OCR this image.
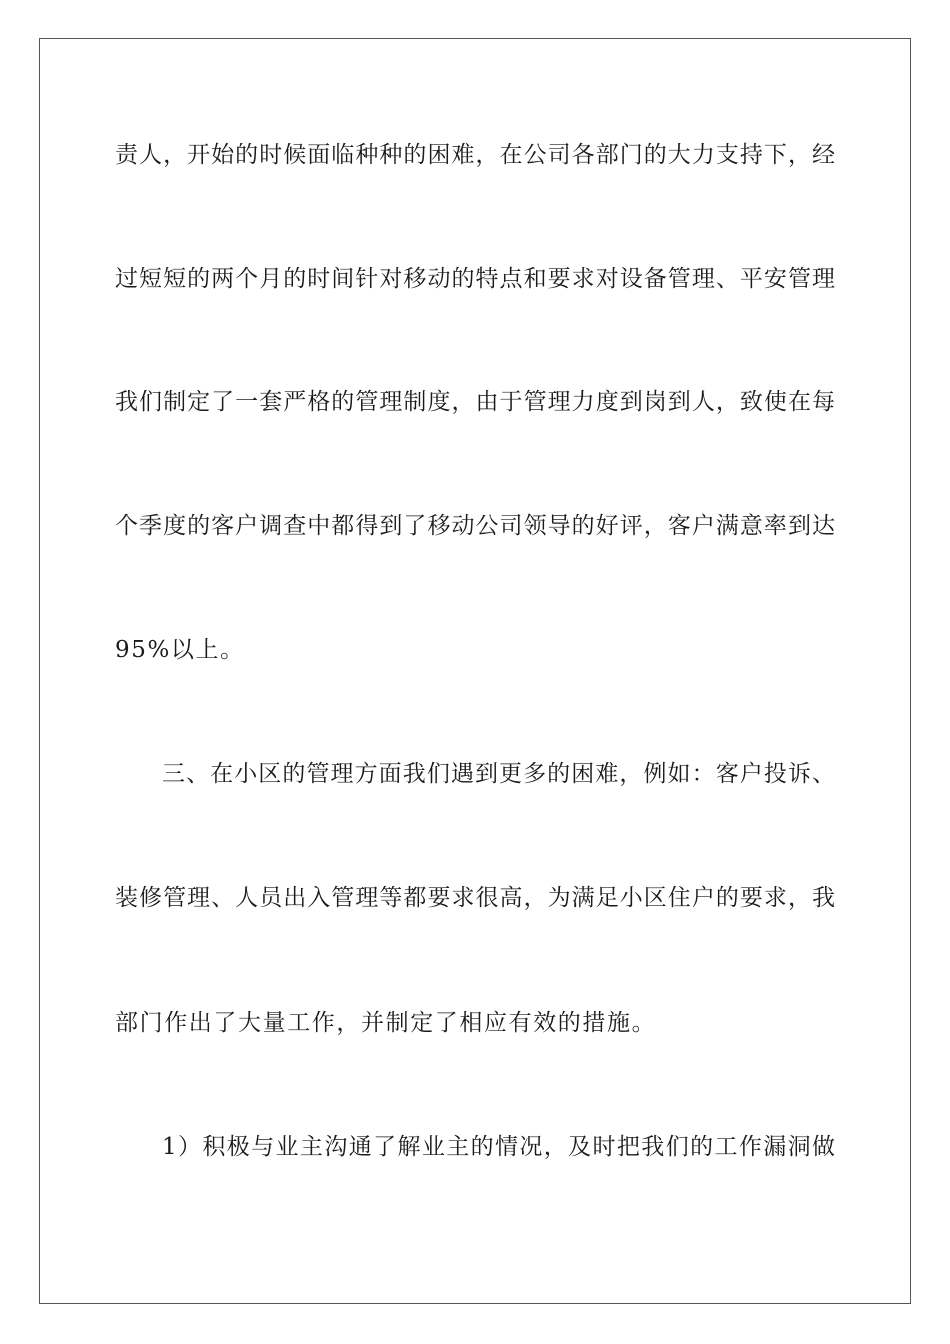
责人，开始的时候面临种种的困难，在公司各部门的大力支持下，经
过短短的两个月的时间针对移动的特点和要求对设备管理、平安管理
我们制定了一套严格的管理制度，由于管理力度到岗到人，致使在每
个季度的客户调查中都得到了移动公司领导的好评，客户满意率到达
95%以上。
三、在小区的管理方面我们遇到更多的困难，例如：客户投诉、
装修管理、人员出入管理等都要求很高，为满足小区住户的要求，我
部门作出了大量工作，并制定了相应有效的措施。
1）积极与业主沟通了解业主的情况，及时把我们的工作漏洞做
